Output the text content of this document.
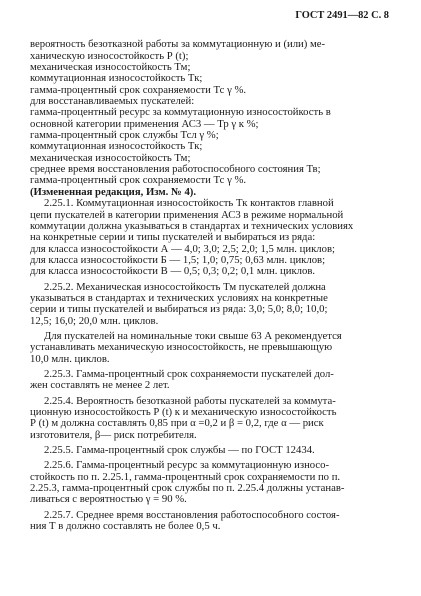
ГОСТ 2491—82 С. 8
вероятность безотказной работы за коммутационную и (или) ме-
ханическую износостойкость Р (t);
механическая износостойкость Тм;
коммутационная износостойкость Тк;
гамма-процентный срок сохраняемости Тс γ %.
для восстанавливаемых пускателей:
гамма-процентный ресурс за коммутационную износостойкость в
основной категории применения АС3 — Тр γ к %;
гамма-процентный срок службы Тсл γ %;
коммутационная износостойкость Тк;
механическая износостойкость Тм;
среднее время восстановления работоспособного состояния Тв;
гамма-процентный срок сохраняемости Тс γ %.
(Измененная редакция, Изм. № 4).
2.25.1. Коммутационная износостойкость Тк контактов главной
цепи пускателей в категории применения АС3 в режиме нормальной
коммутации должна указываться в стандартах и технических условиях
на конкретные серии и типы пускателей и выбираться из ряда:
для класса износостойкости А — 4,0; 3,0; 2,5; 2,0; 1,5 млн. циклов;
для класса износостойкости Б — 1,5; 1,0; 0,75; 0,63 млн. циклов;
для класса износостойкости В — 0,5; 0,3; 0,2; 0,1 млн. циклов.
2.25.2. Механическая износостойкость Тм пускателей должна
указываться в стандартах и технических условиях на конкретные
серии и типы пускателей и выбираться из ряда: 3,0; 5,0; 8,0; 10,0;
12,5; 16,0; 20,0 млн. циклов.
Для пускателей на номинальные токи свыше 63 А рекомендуется
устанавливать механическую износостойкость, не превышающую
10,0 млн. циклов.
2.25.3. Гамма-процентный срок сохраняемости пускателей дол-
жен составлять не менее 2 лет.
2.25.4. Вероятность безотказной работы пускателей за коммута-
ционную износостойкость Р (t) к и механическую износостойкость
Р (t) м должна составлять 0,85 при α =0,2 и β = 0,2, где α — риск
изготовителя, β— риск потребителя.
2.25.5. Гамма-процентный срок службы — по ГОСТ 12434.
2.25.6. Гамма-процентный ресурс за коммутационную износо-
стойкость по п. 2.25.1, гамма-процентный срок сохраняемости по п.
2.25.3, гамма-процентный срок службы по п. 2.25.4 должны устанав-
ливаться с вероятностью γ = 90 %.
2.25.7. Среднее время восстановления работоспособного состоя-
ния Т в должно составлять не более 0,5 ч.
